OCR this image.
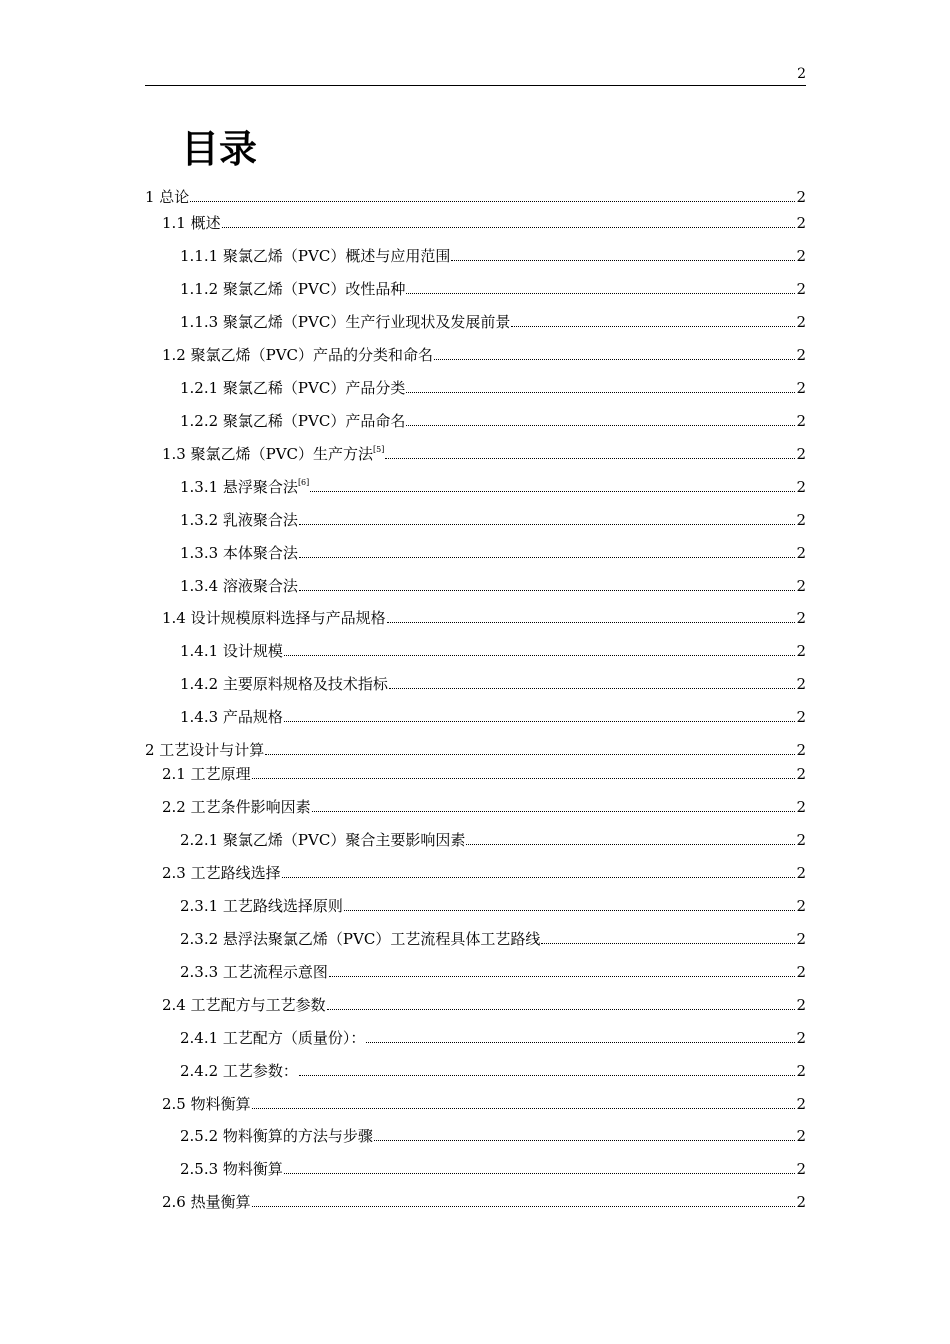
2
目录
1 总论	2
1.1 概述	2
1.1.1 聚氯乙烯（PVC）概述与应用范围	2
1.1.2 聚氯乙烯（PVC）改性品种	2
1.1.3 聚氯乙烯（PVC）生产行业现状及发展前景	2
1.2 聚氯乙烯（PVC）产品的分类和命名	2
1.2.1 聚氯乙稀（PVC）产品分类	2
1.2.2 聚氯乙稀（PVC）产品命名	2
1.3 聚氯乙烯（PVC）生产方法[5]	2
1.3.1 悬浮聚合法[6]	2
1.3.2 乳液聚合法	2
1.3.3 本体聚合法	2
1.3.4 溶液聚合法	2
1.4 设计规模原料选择与产品规格	2
1.4.1 设计规模	2
1.4.2 主要原料规格及技术指标	2
1.4.3 产品规格	2
2 工艺设计与计算	2
2.1 工艺原理	2
2.2 工艺条件影响因素	2
2.2.1 聚氯乙烯（PVC）聚合主要影响因素	2
2.3 工艺路线选择	2
2.3.1 工艺路线选择原则	2
2.3.2 悬浮法聚氯乙烯（PVC）工艺流程具体工艺路线	2
2.3.3 工艺流程示意图	2
2.4 工艺配方与工艺参数	2
2.4.1 工艺配方（质量份）：	2
2.4.2 工艺参数：	2
2.5 物料衡算	2
2.5.2 物料衡算的方法与步骤	2
2.5.3 物料衡算	2
2.6 热量衡算	2
